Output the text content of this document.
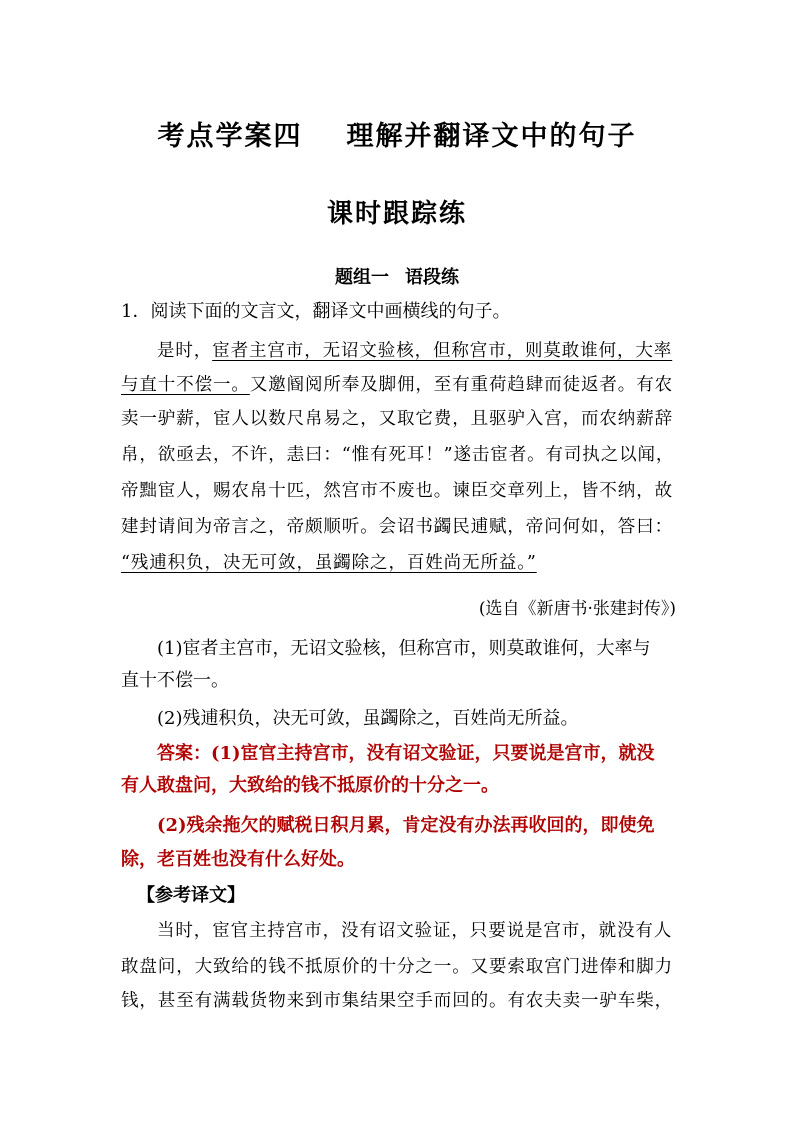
考点学案四 理解并翻译文中的句子
课时跟踪练
题组一 语段练
1．阅读下面的文言文，翻译文中画横线的句子。
是时，宦者主宫市，无诏文验核，但称宫市，则莫敢谁何，大率
与直十不偿一。又邀阍阅所奉及脚佣，至有重荷趋肆而徒返者。有农
卖一驴薪，宦人以数尺帛易之，又取它费，且驱驴入宫，而农纳薪辞
帛，欲亟去，不许，恚曰：“惟有死耳！”遂击宦者。有司执之以闻，
帝黜宦人，赐农帛十匹，然宫市不废也。谏臣交章列上，皆不纳，故
建封请间为帝言之，帝颇顺听。会诏书蠲民逋赋，帝问何如，答曰：
“残逋积负，决无可敛，虽蠲除之，百姓尚无所益。”
(选自《新唐书·张建封传》)
(1)宦者主宫市，无诏文验核，但称宫市，则莫敢谁何，大率与
直十不偿一。
(2)残逋积负，决无可敛，虽蠲除之，百姓尚无所益。
答案：(1)宦官主持宫市，没有诏文验证，只要说是宫市，就没
有人敢盘问，大致给的钱不抵原价的十分之一。
(2)残余拖欠的赋税日积月累，肯定没有办法再收回的，即使免
除，老百姓也没有什么好处。
【参考译文】
当时，宦官主持宫市，没有诏文验证，只要说是宫市，就没有人
敢盘问，大致给的钱不抵原价的十分之一。又要索取宫门进俸和脚力
钱，甚至有满载货物来到市集结果空手而回的。有农夫卖一驴车柴，
